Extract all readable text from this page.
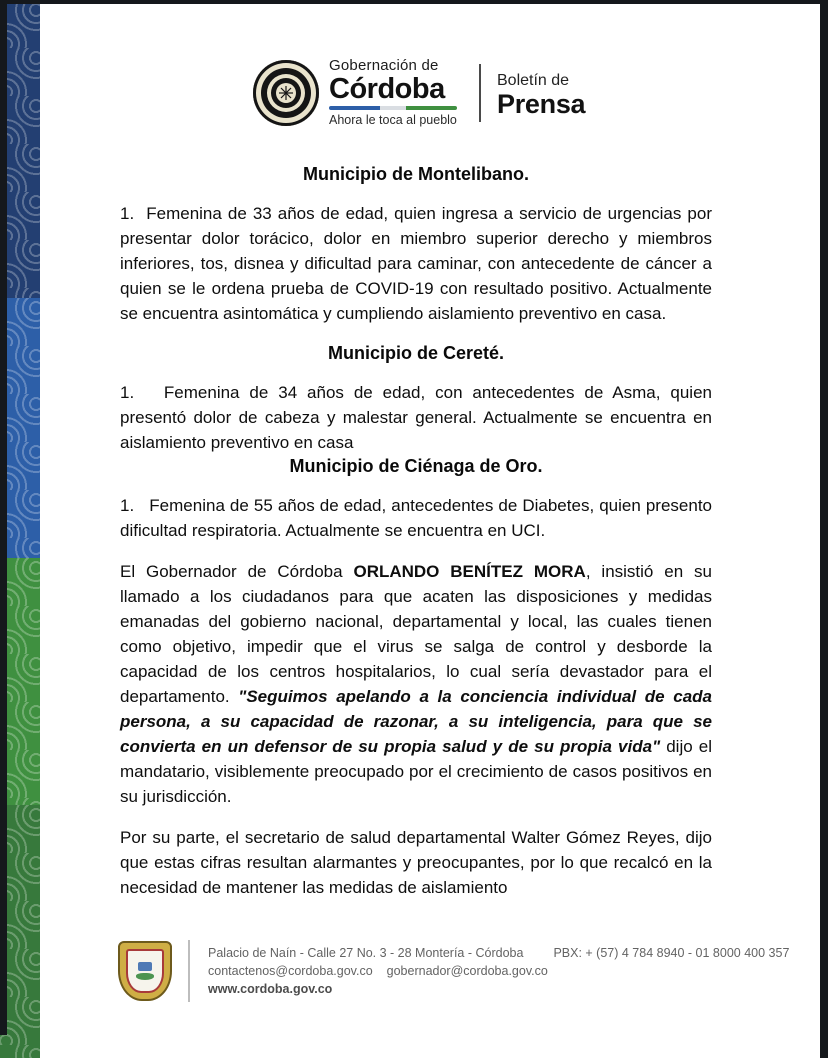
Gobernación de
Córdoba
Ahora le toca al pueblo
Boletín de
Prensa
Municipio de Montelibano.

1.  Femenina de 33 años de edad, quien ingresa a servicio de urgencias por presentar dolor torácico, dolor en miembro superior derecho y miembros inferiores, tos, disnea y dificultad para caminar, con antecedente de cáncer a quien se le ordena prueba de COVID-19 con resultado positivo. Actualmente se encuentra asintomática y cumpliendo aislamiento preventivo en casa.

Municipio de Cereté.

1.   Femenina de 34 años de edad, con antecedentes de Asma, quien presentó dolor de cabeza y malestar general. Actualmente se encuentra en aislamiento preventivo en casa

Municipio de Ciénaga de Oro.

1.   Femenina de 55 años de edad, antecedentes de Diabetes, quien presento dificultad respiratoria. Actualmente se encuentra en UCI.

El Gobernador de Córdoba ORLANDO BENÍTEZ MORA, insistió en su llamado a los ciudadanos para que acaten las disposiciones y medidas emanadas del gobierno nacional, departamental y local, las cuales tienen como objetivo, impedir que el virus se salga de control y desborde la capacidad de los centros hospitalarios, lo cual sería devastador para el departamento. "Seguimos apelando a la conciencia individual de cada persona, a su capacidad de razonar, a su inteligencia, para que se convierta en un defensor de su propia salud y de su propia vida" dijo el mandatario, visiblemente preocupado por el crecimiento de casos positivos en su jurisdicción.

Por su parte, el secretario de salud departamental Walter Gómez Reyes, dijo que estas cifras resultan alarmantes y preocupantes, por lo que recalcó en la necesidad de mantener las medidas de aislamiento

Palacio de Naín - Calle 27 No. 3 - 28 Montería - Córdoba PBX: + (57) 4 784 8940 - 01 8000 400 357
contactenos@cordoba.gov.co gobernador@cordoba.gov.co
www.cordoba.gov.co
